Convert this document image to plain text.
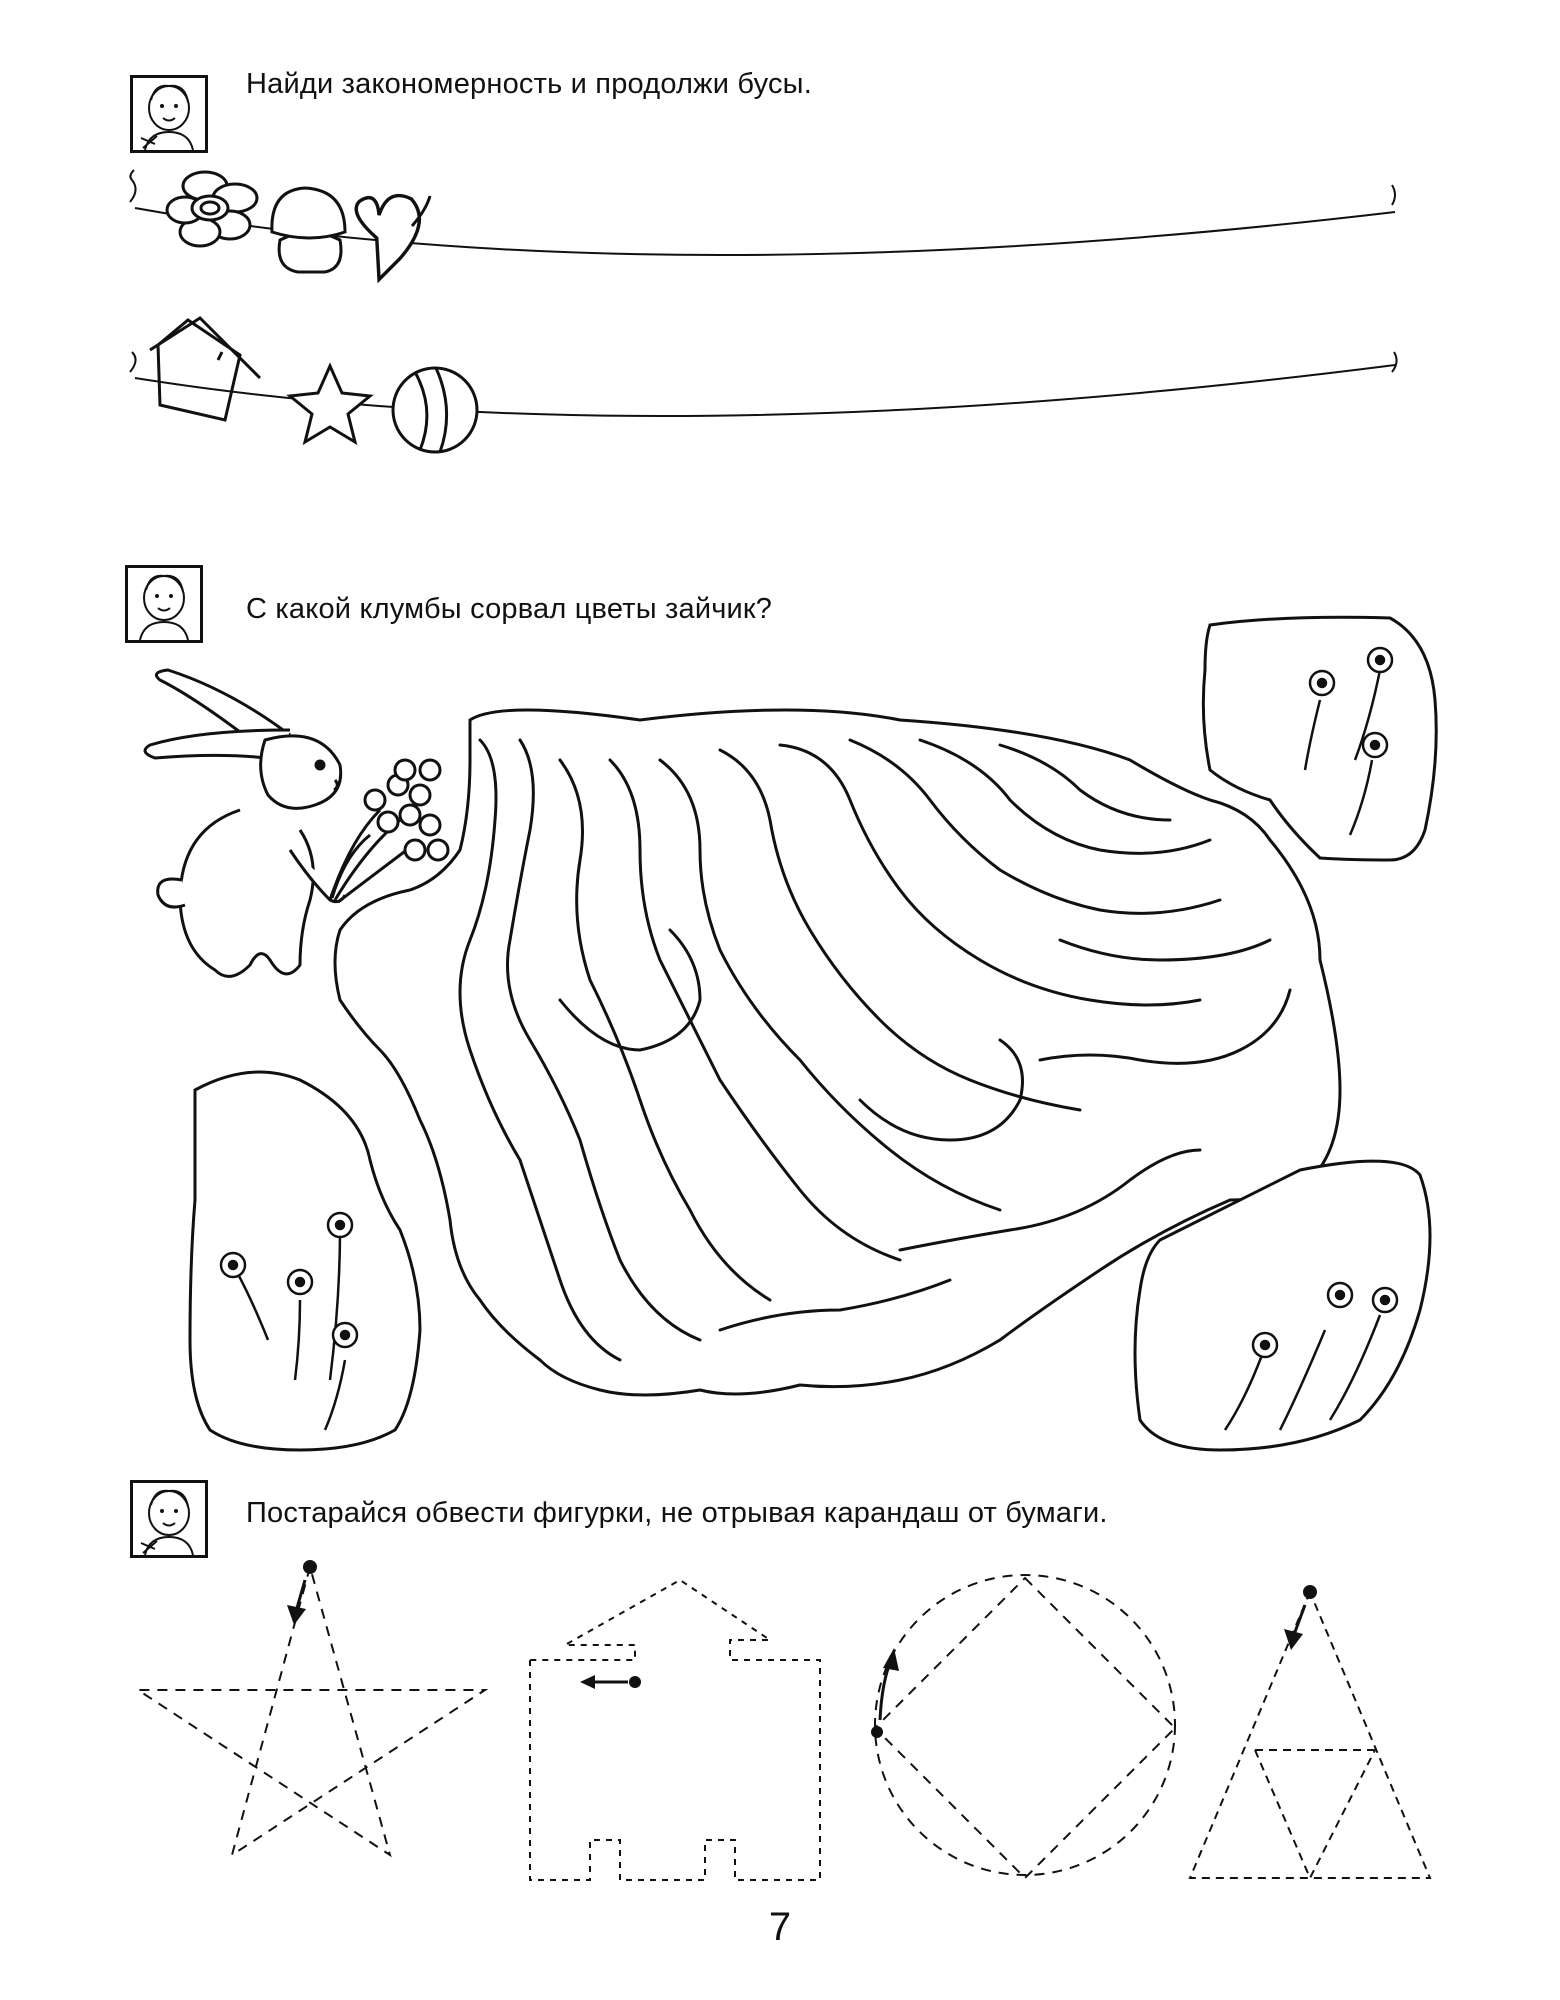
Найди закономерность и продолжи бусы.
С какой клумбы сорвал цветы зайчик?
Постарайся обвести фигурки, не отрывая карандаш от бумаги.
7
